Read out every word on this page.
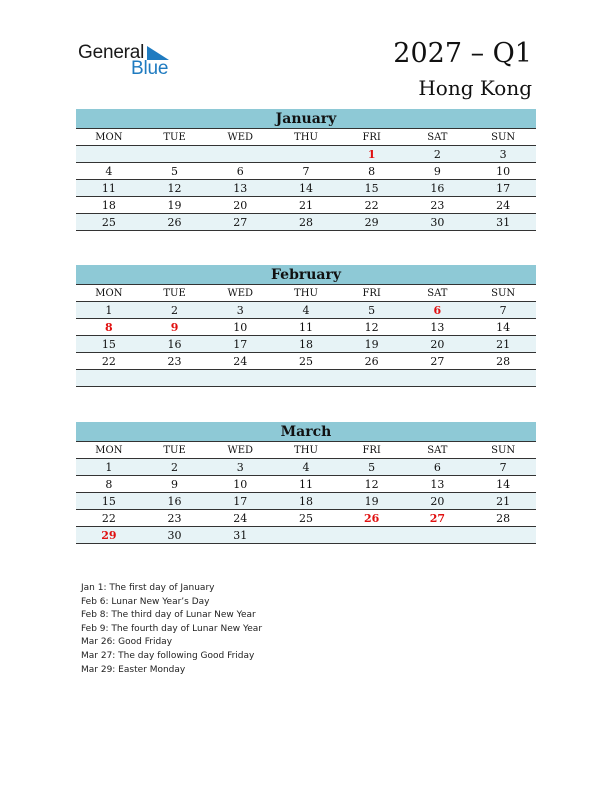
General
Blue	2027 – Q1
Hong Kong
January
MON	TUE	WED	THU	FRI	SAT	SUN
				1	2	3
4	5	6	7	8	9	10
11	12	13	14	15	16	17
18	19	20	21	22	23	24
25	26	27	28	29	30	31
February
MON	TUE	WED	THU	FRI	SAT	SUN
1	2	3	4	5	6	7
8	9	10	11	12	13	14
15	16	17	18	19	20	21
22	23	24	25	26	27	28

March
MON	TUE	WED	THU	FRI	SAT	SUN
1	2	3	4	5	6	7
8	9	10	11	12	13	14
15	16	17	18	19	20	21
22	23	24	25	26	27	28
29	30	31				
Jan 1: The first day of January
Feb 6: Lunar New Year’s Day
Feb 8: The third day of Lunar New Year
Feb 9: The fourth day of Lunar New Year
Mar 26: Good Friday
Mar 27: The day following Good Friday
Mar 29: Easter Monday
